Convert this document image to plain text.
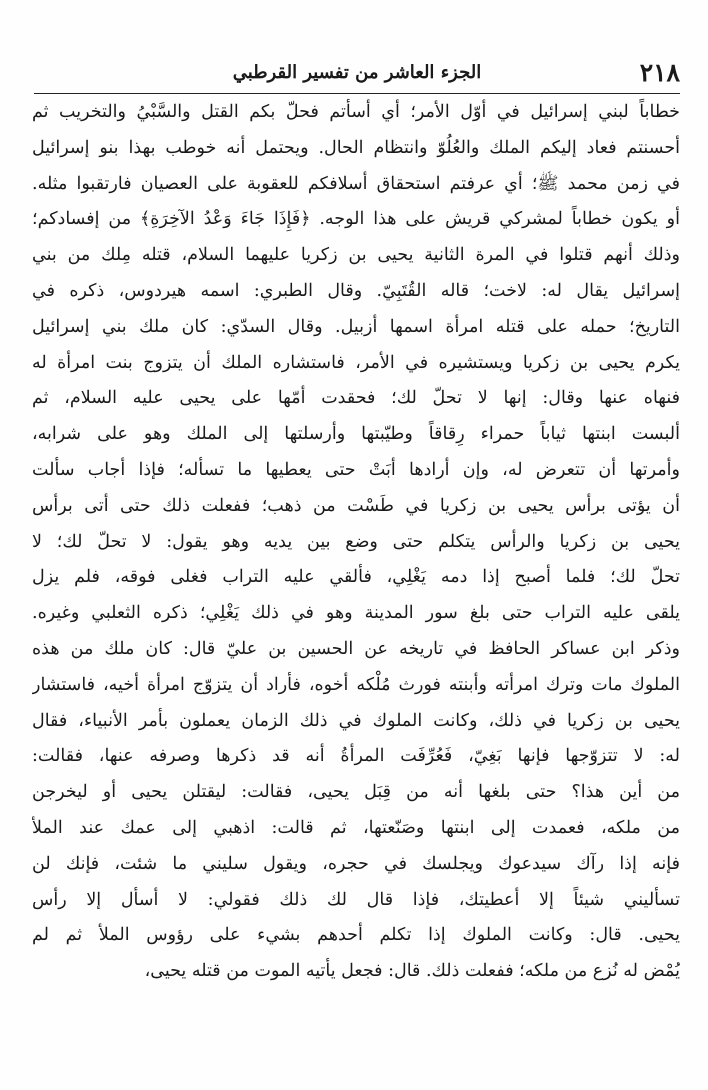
٢١٨
الجزء العاشر من تفسير القرطبي
خطاباً لبني إسرائيل في أوّل الأمر؛ أي أسأتم فحلّ بكم القتل والسَّبْيُ والتخريب ثم
أحسنتم فعاد إليكم الملك والعُلُوّ وانتظام الحال. ويحتمل أنه خوطب بهذا بنو إسرائيل
في زمن محمد ﷺ؛ أي عرفتم استحقاق أسلافكم للعقوبة على العصيان فارتقبوا مثله.
أو يكون خطاباً لمشركي قريش على هذا الوجه. ﴿فَإِذَا جَاءَ وَعْدُ الآخِرَةِ﴾ من إفسادكم؛
وذلك أنهم قتلوا في المرة الثانية يحيى بن زكريا عليهما السلام، قتله مِلك من بني
إسرائيل يقال له: لاخت؛ قاله القُتَبِيّ. وقال الطبري: اسمه هيردوس، ذكره في
التاريخ؛ حمله على قتله امرأة اسمها أزبيل. وقال السدّي: كان ملك بني إسرائيل
يكرم يحيى بن زكريا ويستشيره في الأمر، فاستشاره الملك أن يتزوج بنت امرأة له
فنهاه عنها وقال: إنها لا تحلّ لك؛ فحقدت أمّها على يحيى عليه السلام، ثم
ألبست ابنتها ثياباً حمراء رِقاقاً وطيّبتها وأرسلتها إلى الملك وهو على شرابه،
وأمرتها أن تتعرض له، وإن أرادها أبَتْ حتى يعطيها ما تسأله؛ فإذا أجاب سألت
أن يؤتى برأس يحيى بن زكريا في طَسْت من ذهب؛ ففعلت ذلك حتى أتى برأس
يحيى بن زكريا والرأس يتكلم حتى وضع بين يديه وهو يقول: لا تحلّ لك؛ لا
تحلّ لك؛ فلما أصبح إذا دمه يَغْلِي، فألقي عليه التراب فغلى فوقه، فلم يزل
يلقى عليه التراب حتى بلغ سور المدينة وهو في ذلك يَغْلِي؛ ذكره الثعلبي وغيره.
وذكر ابن عساكر الحافظ في تاريخه عن الحسين بن عليّ قال: كان ملك من هذه
الملوك مات وترك امرأته وأبنته فورث مُلْكه أخوه، فأراد أن يتزوّج امرأة أخيه، فاستشار
يحيى بن زكريا في ذلك، وكانت الملوك في ذلك الزمان يعملون بأمر الأنبياء، فقال
له: لا تتزوّجها فإنها بَغِيّ، فَعُرِّفَت المرأةُ أنه قد ذكرها وصرفه عنها، فقالت:
من أين هذا؟ حتى بلغها أنه من قِبَل يحيى، فقالت: ليقتلن يحيى أو ليخرجن
من ملكه، فعمدت إلى ابنتها وصَنّعتها، ثم قالت: اذهبي إلى عمك عند الملأ
فإنه إذا رآك سيدعوك ويجلسك في حجره، ويقول سليني ما شئت، فإنك لن
تسأليني شيئاً إلا أعطيتك، فإذا قال لك ذلك فقولي: لا أسأل إلا رأس
يحيى. قال: وكانت الملوك إذا تكلم أحدهم بشيء على رؤوس الملأ ثم لم
يُمْض له نُزع من ملكه؛ ففعلت ذلك. قال: فجعل يأتيه الموت من قتله يحيى،
